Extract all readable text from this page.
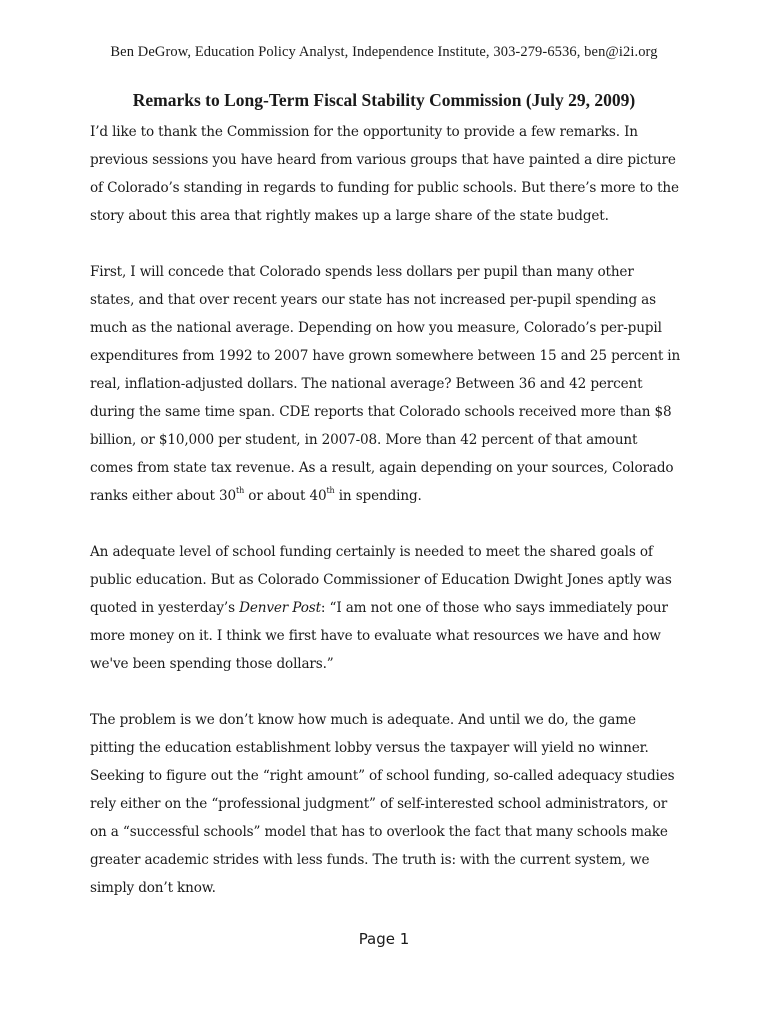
Ben DeGrow, Education Policy Analyst, Independence Institute, 303-279-6536, ben@i2i.org
Remarks to Long-Term Fiscal Stability Commission (July 29, 2009)

I’d like to thank the Commission for the opportunity to provide a few remarks. In previous sessions you have heard from various groups that have painted a dire picture of Colorado’s standing in regards to funding for public schools. But there’s more to the story about this area that rightly makes up a large share of the state budget.

First, I will concede that Colorado spends less dollars per pupil than many other states, and that over recent years our state has not increased per-pupil spending as much as the national average. Depending on how you measure, Colorado’s per-pupil expenditures from 1992 to 2007 have grown somewhere between 15 and 25 percent in real, inflation-adjusted dollars. The national average? Between 36 and 42 percent during the same time span. CDE reports that Colorado schools received more than $8 billion, or $10,000 per student, in 2007-08. More than 42 percent of that amount comes from state tax revenue. As a result, again depending on your sources, Colorado ranks either about 30th or about 40th in spending.

An adequate level of school funding certainly is needed to meet the shared goals of public education. But as Colorado Commissioner of Education Dwight Jones aptly was quoted in yesterday’s Denver Post: “I am not one of those who says immediately pour more money on it. I think we first have to evaluate what resources we have and how we've been spending those dollars.”

The problem is we don’t know how much is adequate. And until we do, the game pitting the education establishment lobby versus the taxpayer will yield no winner. Seeking to figure out the “right amount” of school funding, so-called adequacy studies rely either on the “professional judgment” of self-interested school administrators, or on a “successful schools” model that has to overlook the fact that many schools make greater academic strides with less funds. The truth is: with the current system, we simply don’t know.

Page 1
